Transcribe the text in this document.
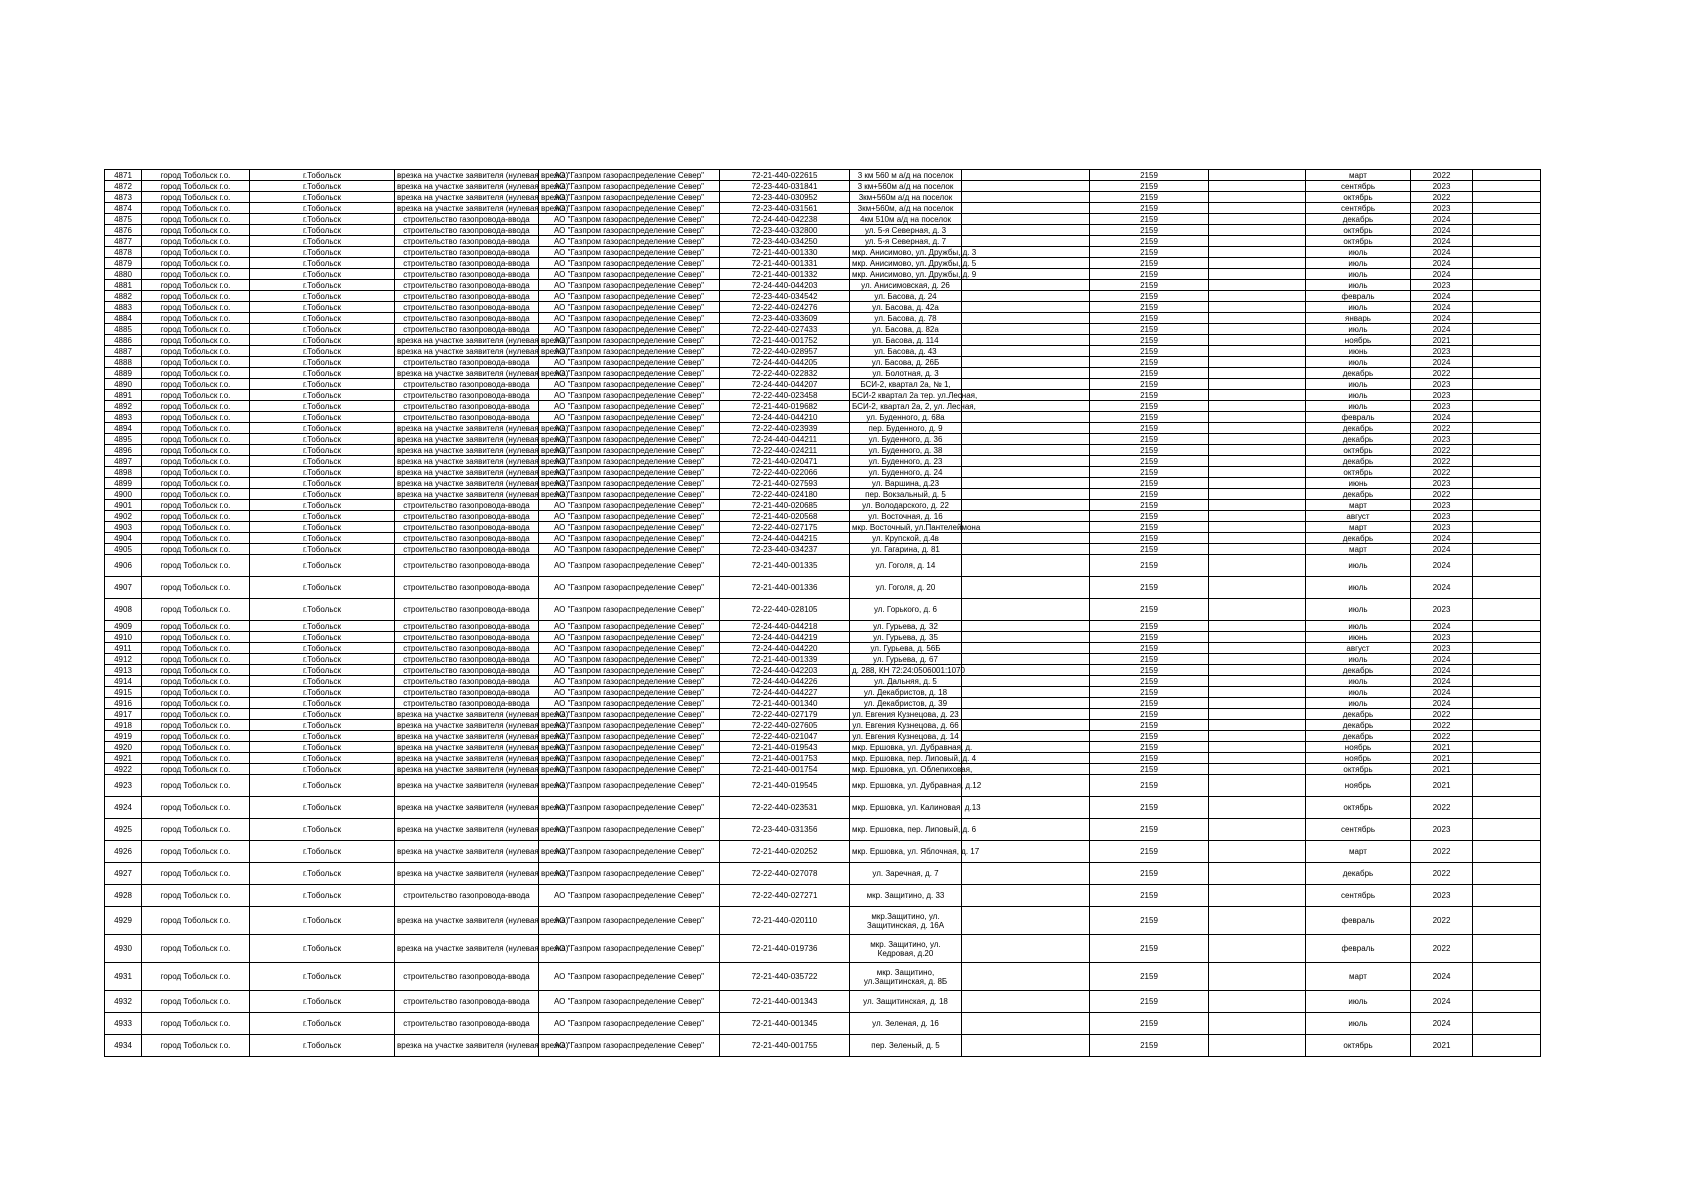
4871	город Тобольск г.о.	г.Тобольск	врезка на участке заявителя (нулевая врезка)	АО "Газпром газораспределение Север"	72-21-440-022615	3 км 560 м а/д на поселок		2159		март	2022	
4872	город Тобольск г.о.	г.Тобольск	врезка на участке заявителя (нулевая врезка)	АО "Газпром газораспределение Север"	72-23-440-031841	3 км+560м а/д на поселок		2159		сентябрь	2023	
4873	город Тобольск г.о.	г.Тобольск	врезка на участке заявителя (нулевая врезка)	АО "Газпром газораспределение Север"	72-23-440-030952	3км+560м а/д на поселок		2159		октябрь	2022	
4874	город Тобольск г.о.	г.Тобольск	врезка на участке заявителя (нулевая врезка)	АО "Газпром газораспределение Север"	72-23-440-031561	3км+560м, а/д на поселок		2159		сентябрь	2023	
4875	город Тобольск г.о.	г.Тобольск	строительство газопровода-ввода	АО "Газпром газораспределение Север"	72-24-440-042238	4км 510м а/д на поселок		2159		декабрь	2024	
4876	город Тобольск г.о.	г.Тобольск	строительство газопровода-ввода	АО "Газпром газораспределение Север"	72-23-440-032800	ул. 5-я Северная, д. 3		2159		октябрь	2024	
4877	город Тобольск г.о.	г.Тобольск	строительство газопровода-ввода	АО "Газпром газораспределение Север"	72-23-440-034250	ул. 5-я Северная, д. 7		2159		октябрь	2024	
4878	город Тобольск г.о.	г.Тобольск	строительство газопровода-ввода	АО "Газпром газораспределение Север"	72-21-440-001330	мкр. Анисимово, ул. Дружбы, д. 3		2159		июль	2024	
4879	город Тобольск г.о.	г.Тобольск	строительство газопровода-ввода	АО "Газпром газораспределение Север"	72-21-440-001331	мкр. Анисимово, ул. Дружбы, д. 5		2159		июль	2024	
4880	город Тобольск г.о.	г.Тобольск	строительство газопровода-ввода	АО "Газпром газораспределение Север"	72-21-440-001332	мкр. Анисимово, ул. Дружбы, д. 9		2159		июль	2024	
4881	город Тобольск г.о.	г.Тобольск	строительство газопровода-ввода	АО "Газпром газораспределение Север"	72-24-440-044203	ул. Анисимовская, д. 26		2159		июль	2023	
4882	город Тобольск г.о.	г.Тобольск	строительство газопровода-ввода	АО "Газпром газораспределение Север"	72-23-440-034542	ул. Басова, д. 24		2159		февраль	2024	
4883	город Тобольск г.о.	г.Тобольск	строительство газопровода-ввода	АО "Газпром газораспределение Север"	72-22-440-024276	ул. Басова, д. 42а		2159		июль	2024	
4884	город Тобольск г.о.	г.Тобольск	строительство газопровода-ввода	АО "Газпром газораспределение Север"	72-23-440-033609	ул. Басова, д. 78		2159		январь	2024	
4885	город Тобольск г.о.	г.Тобольск	строительство газопровода-ввода	АО "Газпром газораспределение Север"	72-22-440-027433	ул. Басова, д. 82а		2159		июль	2024	
4886	город Тобольск г.о.	г.Тобольск	врезка на участке заявителя (нулевая врезка)	АО "Газпром газораспределение Север"	72-21-440-001752	ул. Басова, д. 114		2159		ноябрь	2021	
4887	город Тобольск г.о.	г.Тобольск	врезка на участке заявителя (нулевая врезка)	АО "Газпром газораспределение Север"	72-22-440-028957	ул. Басова, д. 43		2159		июнь	2023	
4888	город Тобольск г.о.	г.Тобольск	строительство газопровода-ввода	АО "Газпром газораспределение Север"	72-24-440-044205	ул. Басова, д. 26Б		2159		июль	2024	
4889	город Тобольск г.о.	г.Тобольск	врезка на участке заявителя (нулевая врезка)	АО "Газпром газораспределение Север"	72-22-440-022832	ул. Болотная, д. 3		2159		декабрь	2022	
4890	город Тобольск г.о.	г.Тобольск	строительство газопровода-ввода	АО "Газпром газораспределение Север"	72-24-440-044207	БСИ-2, квартал 2а, № 1,		2159		июль	2023	
4891	город Тобольск г.о.	г.Тобольск	строительство газопровода-ввода	АО "Газпром газораспределение Север"	72-22-440-023458	БСИ-2 квартал 2а тер. ул.Лесная,		2159		июль	2023	
4892	город Тобольск г.о.	г.Тобольск	строительство газопровода-ввода	АО "Газпром газораспределение Север"	72-21-440-019682	БСИ-2, квартал 2а, 2, ул. Лесная,		2159		июль	2023	
4893	город Тобольск г.о.	г.Тобольск	строительство газопровода-ввода	АО "Газпром газораспределение Север"	72-24-440-044210	ул. Буденного, д. 68а		2159		февраль	2024	
4894	город Тобольск г.о.	г.Тобольск	врезка на участке заявителя (нулевая врезка)	АО "Газпром газораспределение Север"	72-22-440-023939	пер. Буденного, д. 9		2159		декабрь	2022	
4895	город Тобольск г.о.	г.Тобольск	врезка на участке заявителя (нулевая врезка)	АО "Газпром газораспределение Север"	72-24-440-044211	ул. Буденного, д. 36		2159		декабрь	2023	
4896	город Тобольск г.о.	г.Тобольск	врезка на участке заявителя (нулевая врезка)	АО "Газпром газораспределение Север"	72-22-440-024211	ул. Буденного, д. 38		2159		октябрь	2022	
4897	город Тобольск г.о.	г.Тобольск	врезка на участке заявителя (нулевая врезка)	АО "Газпром газораспределение Север"	72-21-440-020471	ул. Буденного, д. 23		2159		декабрь	2022	
4898	город Тобольск г.о.	г.Тобольск	врезка на участке заявителя (нулевая врезка)	АО "Газпром газораспределение Север"	72-22-440-022066	ул. Буденного, д. 24		2159		октябрь	2022	
4899	город Тобольск г.о.	г.Тобольск	врезка на участке заявителя (нулевая врезка)	АО "Газпром газораспределение Север"	72-21-440-027593	ул. Варшина, д.23		2159		июнь	2023	
4900	город Тобольск г.о.	г.Тобольск	врезка на участке заявителя (нулевая врезка)	АО "Газпром газораспределение Север"	72-22-440-024180	пер. Вокзальный, д. 5		2159		декабрь	2022	
4901	город Тобольск г.о.	г.Тобольск	строительство газопровода-ввода	АО "Газпром газораспределение Север"	72-21-440-020685	ул. Володарского, д. 22		2159		март	2023	
4902	город Тобольск г.о.	г.Тобольск	строительство газопровода-ввода	АО "Газпром газораспределение Север"	72-21-440-020568	ул. Восточная, д. 16		2159		август	2023	
4903	город Тобольск г.о.	г.Тобольск	строительство газопровода-ввода	АО "Газпром газораспределение Север"	72-22-440-027175	мкр. Восточный, ул.Пантелеймона		2159		март	2023	
4904	город Тобольск г.о.	г.Тобольск	строительство газопровода-ввода	АО "Газпром газораспределение Север"	72-24-440-044215	ул. Крупской, д.4в		2159		декабрь	2024	
4905	город Тобольск г.о.	г.Тобольск	строительство газопровода-ввода	АО "Газпром газораспределение Север"	72-23-440-034237	ул. Гагарина, д. 81		2159		март	2024	
4906	город Тобольск г.о.	г.Тобольск	строительство газопровода-ввода	АО "Газпром газораспределение Север"	72-21-440-001335	ул. Гоголя, д. 14		2159		июль	2024	
4907	город Тобольск г.о.	г.Тобольск	строительство газопровода-ввода	АО "Газпром газораспределение Север"	72-21-440-001336	ул. Гоголя, д. 20		2159		июль	2024	
4908	город Тобольск г.о.	г.Тобольск	строительство газопровода-ввода	АО "Газпром газораспределение Север"	72-22-440-028105	ул. Горького, д. 6		2159		июль	2023	
4909	город Тобольск г.о.	г.Тобольск	строительство газопровода-ввода	АО "Газпром газораспределение Север"	72-24-440-044218	ул. Гурьева, д. 32		2159		июль	2024	
4910	город Тобольск г.о.	г.Тобольск	строительство газопровода-ввода	АО "Газпром газораспределение Север"	72-24-440-044219	ул. Гурьева, д. 35		2159		июнь	2023	
4911	город Тобольск г.о.	г.Тобольск	строительство газопровода-ввода	АО "Газпром газораспределение Север"	72-24-440-044220	ул. Гурьева, д. 56Б		2159		август	2023	
4912	город Тобольск г.о.	г.Тобольск	строительство газопровода-ввода	АО "Газпром газораспределение Север"	72-21-440-001339	ул. Гурьева, д. 67		2159		июль	2024	
4913	город Тобольск г.о.	г.Тобольск	строительство газопровода-ввода	АО "Газпром газораспределение Север"	72-24-440-042203	д. 288, КН 72:24:0506001:1070		2159		декабрь	2024	
4914	город Тобольск г.о.	г.Тобольск	строительство газопровода-ввода	АО "Газпром газораспределение Север"	72-24-440-044226	ул. Дальняя, д. 5		2159		июль	2024	
4915	город Тобольск г.о.	г.Тобольск	строительство газопровода-ввода	АО "Газпром газораспределение Север"	72-24-440-044227	ул. Декабристов, д. 18		2159		июль	2024	
4916	город Тобольск г.о.	г.Тобольск	строительство газопровода-ввода	АО "Газпром газораспределение Север"	72-21-440-001340	ул. Декабристов, д. 39		2159		июль	2024	
4917	город Тобольск г.о.	г.Тобольск	врезка на участке заявителя (нулевая врезка)	АО "Газпром газораспределение Север"	72-22-440-027179	ул. Евгения Кузнецова, д. 23		2159		декабрь	2022	
4918	город Тобольск г.о.	г.Тобольск	врезка на участке заявителя (нулевая врезка)	АО "Газпром газораспределение Север"	72-22-440-027605	ул. Евгения Кузнецова, д. 66		2159		декабрь	2022	
4919	город Тобольск г.о.	г.Тобольск	врезка на участке заявителя (нулевая врезка)	АО "Газпром газораспределение Север"	72-22-440-021047	ул. Евгения Кузнецова, д. 14		2159		декабрь	2022	
4920	город Тобольск г.о.	г.Тобольск	врезка на участке заявителя (нулевая врезка)	АО "Газпром газораспределение Север"	72-21-440-019543	мкр. Ершовка, ул. Дубравная, д.		2159		ноябрь	2021	
4921	город Тобольск г.о.	г.Тобольск	врезка на участке заявителя (нулевая врезка)	АО "Газпром газораспределение Север"	72-21-440-001753	мкр. Ершовка, пер. Липовый, д. 4		2159		ноябрь	2021	
4922	город Тобольск г.о.	г.Тобольск	врезка на участке заявителя (нулевая врезка)	АО "Газпром газораспределение Север"	72-21-440-001754	мкр. Ершовка, ул. Облепиховая,		2159		октябрь	2021	
4923	город Тобольск г.о.	г.Тобольск	врезка на участке заявителя (нулевая врезка)	АО "Газпром газораспределение Север"	72-21-440-019545	мкр. Ершовка, ул. Дубравная, д.12		2159		ноябрь	2021	
4924	город Тобольск г.о.	г.Тобольск	врезка на участке заявителя (нулевая врезка)	АО "Газпром газораспределение Север"	72-22-440-023531	мкр. Ершовка, ул. Калиновая, д.13		2159		октябрь	2022	
4925	город Тобольск г.о.	г.Тобольск	врезка на участке заявителя (нулевая врезка)	АО "Газпром газораспределение Север"	72-23-440-031356	мкр. Ершовка, пер. Липовый, д. 6		2159		сентябрь	2023	
4926	город Тобольск г.о.	г.Тобольск	врезка на участке заявителя (нулевая врезка)	АО "Газпром газораспределение Север"	72-21-440-020252	мкр. Ершовка, ул. Яблочная, д. 17		2159		март	2022	
4927	город Тобольск г.о.	г.Тобольск	врезка на участке заявителя (нулевая врезка)	АО "Газпром газораспределение Север"	72-22-440-027078	ул. Заречная, д. 7		2159		декабрь	2022	
4928	город Тобольск г.о.	г.Тобольск	строительство газопровода-ввода	АО "Газпром газораспределение Север"	72-22-440-027271	мкр. Защитино, д. 33		2159		сентябрь	2023	
4929	город Тобольск г.о.	г.Тобольск	врезка на участке заявителя (нулевая врезка)	АО "Газпром газораспределение Север"	72-21-440-020110	мкр.Защитино, ул. Защитинская, д. 16А		2159		февраль	2022	
4930	город Тобольск г.о.	г.Тобольск	врезка на участке заявителя (нулевая врезка)	АО "Газпром газораспределение Север"	72-21-440-019736	мкр. Защитино, ул. Кедровая, д.20		2159		февраль	2022	
4931	город Тобольск г.о.	г.Тобольск	строительство газопровода-ввода	АО "Газпром газораспределение Север"	72-21-440-035722	мкр. Защитино, ул.Защитинская, д. 8Б		2159		март	2024	
4932	город Тобольск г.о.	г.Тобольск	строительство газопровода-ввода	АО "Газпром газораспределение Север"	72-21-440-001343	ул. Защитинская, д. 18		2159		июль	2024	
4933	город Тобольск г.о.	г.Тобольск	строительство газопровода-ввода	АО "Газпром газораспределение Север"	72-21-440-001345	ул. Зеленая, д. 16		2159		июль	2024	
4934	город Тобольск г.о.	г.Тобольск	врезка на участке заявителя (нулевая врезка)	АО "Газпром газораспределение Север"	72-21-440-001755	пер. Зеленый, д. 5		2159		октябрь	2021	
